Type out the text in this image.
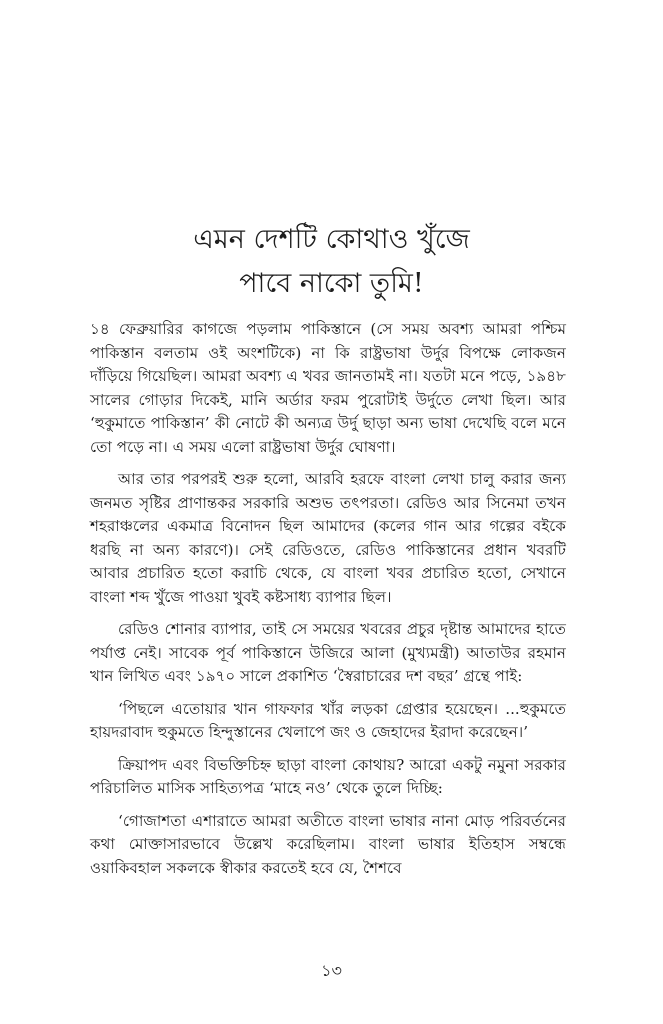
এমন দেশটি কোথাও খুঁজে
পাবে নাকো তুমি!

১৪ ফেব্রুয়ারির কাগজে পড়লাম পাকিস্তানে (সে সময় অবশ্য আমরা পশ্চিম পাকিস্তান বলতাম ওই অংশটিকে) না কি রাষ্ট্রভাষা উর্দুর বিপক্ষে লোকজন দাঁড়িয়ে গিয়েছিল। আমরা অবশ্য এ খবর জানতামই না। যতটা মনে পড়ে, ১৯৪৮ সালের গোড়ার দিকেই, মানি অর্ডার ফরম পুরোটাই উর্দুতে লেখা ছিল। আর ‘হুকুমাতে পাকিস্তান’ কী নোটে কী অন্যত্র উর্দু ছাড়া অন্য ভাষা দেখেছি বলে মনে তো পড়ে না। এ সময় এলো রাষ্ট্রভাষা উর্দুর ঘোষণা।

আর তার পরপরই শুরু হলো, আরবি হরফে বাংলা লেখা চালু করার জন্য জনমত সৃষ্টির প্রাণান্তকর সরকারি অশুভ তৎপরতা। রেডিও আর সিনেমা তখন শহরাঞ্চলের একমাত্র বিনোদন ছিল আমাদের (কলের গান আর গল্পের বইকে ধরছি না অন্য কারণে)। সেই রেডিওতে, রেডিও পাকিস্তানের প্রধান খবরটি আবার প্রচারিত হতো করাচি থেকে, যে বাংলা খবর প্রচারিত হতো, সেখানে বাংলা শব্দ খুঁজে পাওয়া খুবই কষ্টসাধ্য ব্যাপার ছিল।

রেডিও শোনার ব্যাপার, তাই সে সময়ের খবরের প্রচুর দৃষ্টান্ত আমাদের হাতে পর্যাপ্ত নেই। সাবেক পূর্ব পাকিস্তানে উজিরে আলা (মুখ্যমন্ত্রী) আতাউর রহমান খান লিখিত এবং ১৯৭০ সালে প্রকাশিত ‘স্বৈরাচারের দশ বছর’ গ্রন্থে পাই:

‘পিছলে এতোয়ার খান গাফফার খাঁর লড়কা গ্রেপ্তার হয়েছেন। ...হুকুমতে হায়দরাবাদ হুকুমতে হিন্দুস্তানের খেলাপে জং ও জেহাদের ইরাদা করেছেন।’

ক্রিয়াপদ এবং বিভক্তিচিহ্ন ছাড়া বাংলা কোথায়? আরো একটু নমুনা সরকার পরিচালিত মাসিক সাহিত্যপত্র ‘মাহে নও’ থেকে তুলে দিচ্ছি:

‘গোজাশতা এশারাতে আমরা অতীতে বাংলা ভাষার নানা মোড় পরিবর্তনের কথা মোক্তাসারভাবে উল্লেখ করেছিলাম। বাংলা ভাষার ইতিহাস সম্বন্ধে ওয়াকিবহাল সকলকে স্বীকার করতেই হবে যে, শৈশবে

১৩
